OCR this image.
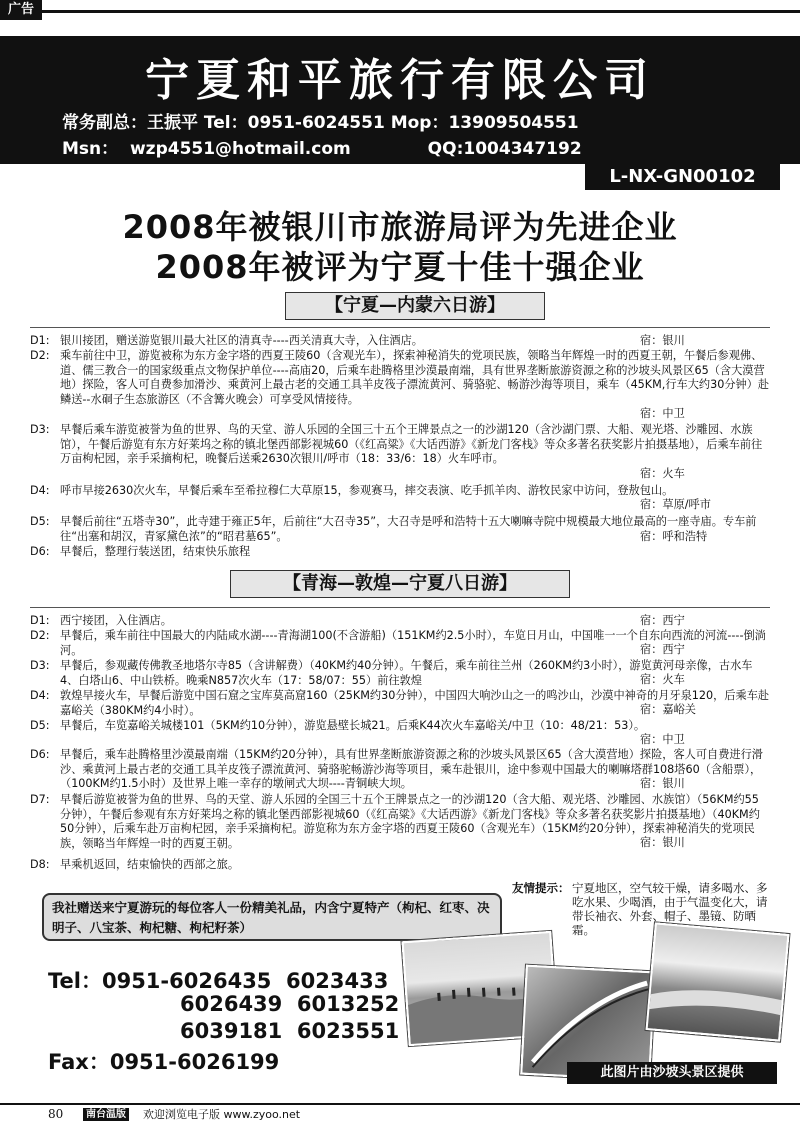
广告
宁夏和平旅行有限公司
常务副总：王振平 Tel：0951-6024551 Mop：13909504551
Msn：  wzp4551@hotmail.com             QQ:1004347192
L-NX-GN00102
2008年被银川市旅游局评为先进企业
2008年被评为宁夏十佳十强企业
【宁夏—内蒙六日游】
D1: 银川接团，赠送游览银川最大社区的清真寺----西关清真大寺，入住酒店。	宿：银川
D2: 乘车前往中卫，游览被称为东方金字塔的西夏王陵60（含观光车），探索神秘消失的党项民族，领略当年辉煌一时的西夏王朝，午餐后参观佛、道、儒三教合一的国家级重点文物保护单位----高庙20，后乘车赴腾格里沙漠最南端，具有世界垄断旅游资源之称的沙坡头风景区65（含大漠营地）探险，客人可自费参加滑沙、乘黄河上最古老的交通工具羊皮筏子漂流黄河、骑骆驼、畅游沙海等项目，乘车（45KM,行车大约30分钟）赴鳞送--水硐子生态旅游区（不含篝火晚会）可享受风情接待。
宿：中卫
D3: 早餐后乘车游览被誉为鱼的世界、鸟的天堂、游人乐园的全国三十五个王牌景点之一的沙湖120（含沙湖门票、大船、观光塔、沙雕园、水族馆），午餐后游览有东方好莱坞之称的镇北堡西部影视城60（《红高粱》《大话西游》《新龙门客栈》等众多著名获奖影片拍摄基地），后乘车前往万亩枸杞园，亲手采摘枸杞，晚餐后送乘2630次银川/呼市（18：33/6：18）火车呼市。
宿：火车
D4: 呼市早接2630次火车，早餐后乘车至希拉穆仁大草原15，参观赛马，摔交表演、吃手抓羊肉、游牧民家中访问，登敖包山。
宿：草原/呼市
D5: 早餐后前往“五塔寺30”，此寺建于雍正5年，后前往“大召寺35”，大召寺是呼和浩特十五大喇嘛寺院中规模最大地位最高的一座寺庙。专车前往“出塞和胡汉，青冢黛色浓”的“昭君墓65”。	宿：呼和浩特
D6: 早餐后，整理行装送团，结束快乐旅程
【青海—敦煌—宁夏八日游】
D1: 西宁接团，入住酒店。	宿：西宁
D2: 早餐后，乘车前往中国最大的内陆咸水湖----青海湖100(不含游船)（151KM约2.5小时），车览日月山，中国唯一一个自东向西流的河流----倒淌河。	宿：西宁
D3: 早餐后，参观藏传佛教圣地塔尔寺85（含讲解费）（40KM约40分钟）。午餐后，乘车前往兰州（260KM约3小时），游览黄河母亲像，古水车4、白塔山6、中山铁桥。晚乘N857次火车（17：58/07：55）前往敦煌	宿：火车
D4: 敦煌早接火车，早餐后游览中国石窟之宝库莫高窟160（25KM约30分钟），中国四大响沙山之一的鸣沙山，沙漠中神奇的月牙泉120，后乘车赴嘉峪关（380KM约4小时）。	宿：嘉峪关
D5: 早餐后，车览嘉峪关城楼101（5KM约10分钟），游览悬壁长城21。后乘K44次火车嘉峪关/中卫（10：48/21：53）。
宿：中卫
D6: 早餐后，乘车赴腾格里沙漠最南端（15KM约20分钟），具有世界垄断旅游资源之称的沙坡头风景区65（含大漠营地）探险，客人可自费进行滑沙、乘黄河上最古老的交通工具羊皮筏子漂流黄河、骑骆驼畅游沙海等项目，乘车赴银川，途中参观中国最大的喇嘛塔群108塔60（含船票），（100KM约1.5小时）及世界上唯一幸存的墩闸式大坝----青铜峡大坝。	宿：银川
D7: 早餐后游览被誉为鱼的世界、鸟的天堂、游人乐园的全国三十五个王牌景点之一的沙湖120（含大船、观光塔、沙雕园、水族馆）（56KM约55分钟），午餐后参观有东方好莱坞之称的镇北堡西部影视城60（《红高粱》《大话西游》《新龙门客栈》等众多著名获奖影片拍摄基地）（40KM约50分钟），后乘车赴万亩枸杞园，亲手采摘枸杞。游览称为东方金字塔的西夏王陵60（含观光车）（15KM约20分钟），探索神秘消失的党项民族，领略当年辉煌一时的西夏王朝。	宿：银川
D8: 早乘机返回，结束愉快的西部之旅。
我社赠送来宁夏游玩的每位客人一份精美礼品，内含宁夏特产（枸杞、红枣、决明子、八宝茶、枸杞糖、枸杞籽茶）
友情提示： 宁夏地区，空气较干燥，请多喝水、多吃水果、少喝酒，由于气温变化大，请带长袖衣、外套、帽子、墨镜、防晒霜。
Tel：0951-6026435  6023433
6026439  6013252
6039181  6023551
Fax：0951-6026199	此图片由沙坡头景区提供
80	南台温版 欢迎浏览电子版 www.zyoo.net
